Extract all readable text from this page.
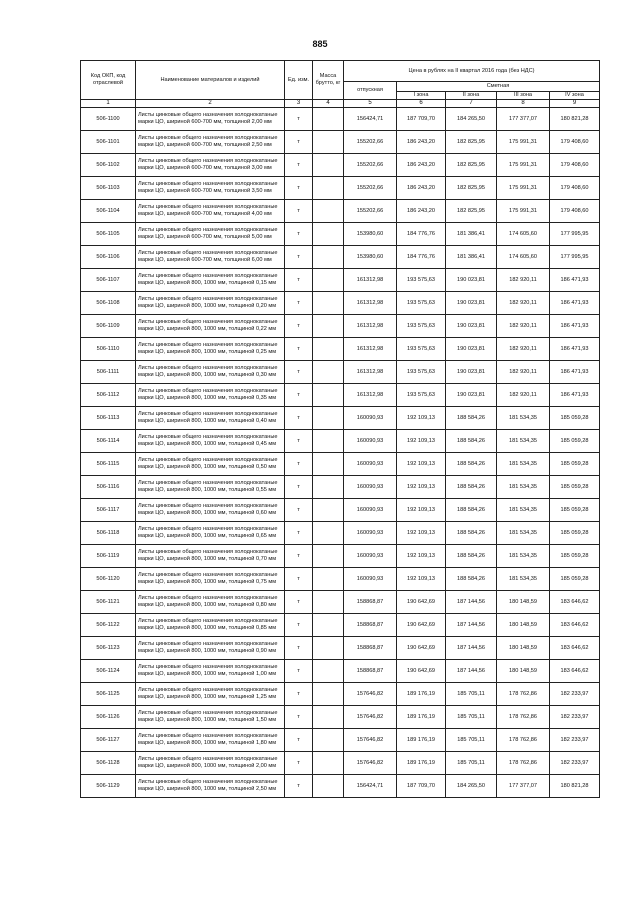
885
Код ОКП, код отраслевой	Наименование материалов и изделий	Ед. изм.	Масса брутто, кг	Цена в рублях на II квартал 2016 года (без НДС)				
				отпускная	Сметная			
					I зона	II зона	III зона	IV зона
1	2	3	4	5	6	7	8	9
506-1100	Листы цинковые общего назначения холоднокатаные марки ЦО, шириной 600-700 мм, толщиной 2,00 мм	т		156424,71	187 709,70	184 265,50	177 377,07	180 821,28
506-1101	Листы цинковые общего назначения холоднокатаные марки ЦО, шириной 600-700 мм, толщиной 2,50 мм	т		155202,66	186 243,20	182 825,95	175 991,31	179 408,60
506-1102	Листы цинковые общего назначения холоднокатаные марки ЦО, шириной 600-700 мм, толщиной 3,00 мм	т		155202,66	186 243,20	182 825,95	175 991,31	179 408,60
506-1103	Листы цинковые общего назначения холоднокатаные марки ЦО, шириной 600-700 мм, толщиной 3,50 мм	т		155202,66	186 243,20	182 825,95	175 991,31	179 408,60
506-1104	Листы цинковые общего назначения холоднокатаные марки ЦО, шириной 600-700 мм, толщиной 4,00 мм	т		155202,66	186 243,20	182 825,95	175 991,31	179 408,60
506-1105	Листы цинковые общего назначения холоднокатаные марки ЦО, шириной 600-700 мм, толщиной 5,00 мм	т		153980,60	184 776,76	181 386,41	174 605,60	177 995,95
506-1106	Листы цинковые общего назначения холоднокатаные марки ЦО, шириной 600-700 мм, толщиной 6,00 мм	т		153980,60	184 776,76	181 386,41	174 605,60	177 995,95
506-1107	Листы цинковые общего назначения холоднокатаные марки ЦО, шириной 800, 1000 мм, толщиной 0,15 мм	т		161312,98	193 575,63	190 023,81	182 920,11	186 471,93
506-1108	Листы цинковые общего назначения холоднокатаные марки ЦО, шириной 800, 1000 мм, толщиной 0,20 мм	т		161312,98	193 575,63	190 023,81	182 920,11	186 471,93
506-1109	Листы цинковые общего назначения холоднокатаные марки ЦО, шириной 800, 1000 мм, толщиной 0,22 мм	т		161312,98	193 575,63	190 023,81	182 920,11	186 471,93
506-1110	Листы цинковые общего назначения холоднокатаные марки ЦО, шириной 800, 1000 мм, толщиной 0,25 мм	т		161312,98	193 575,63	190 023,81	182 920,11	186 471,93
506-1111	Листы цинковые общего назначения холоднокатаные марки ЦО, шириной 800, 1000 мм, толщиной 0,30 мм	т		161312,98	193 575,63	190 023,81	182 920,11	186 471,93
506-1112	Листы цинковые общего назначения холоднокатаные марки ЦО, шириной 800, 1000 мм, толщиной 0,35 мм	т		161312,98	193 575,63	190 023,81	182 920,11	186 471,93
506-1113	Листы цинковые общего назначения холоднокатаные марки ЦО, шириной 800, 1000 мм, толщиной 0,40 мм	т		160090,93	192 109,13	188 584,26	181 534,35	185 059,28
506-1114	Листы цинковые общего назначения холоднокатаные марки ЦО, шириной 800, 1000 мм, толщиной 0,45 мм	т		160090,93	192 109,13	188 584,26	181 534,35	185 059,28
506-1115	Листы цинковые общего назначения холоднокатаные марки ЦО, шириной 800, 1000 мм, толщиной 0,50 мм	т		160090,93	192 109,13	188 584,26	181 534,35	185 059,28
506-1116	Листы цинковые общего назначения холоднокатаные марки ЦО, шириной 800, 1000 мм, толщиной 0,55 мм	т		160090,93	192 109,13	188 584,26	181 534,35	185 059,28
506-1117	Листы цинковые общего назначения холоднокатаные марки ЦО, шириной 800, 1000 мм, толщиной 0,60 мм	т		160090,93	192 109,13	188 584,26	181 534,35	185 059,28
506-1118	Листы цинковые общего назначения холоднокатаные марки ЦО, шириной 800, 1000 мм, толщиной 0,65 мм	т		160090,93	192 109,13	188 584,26	181 534,35	185 059,28
506-1119	Листы цинковые общего назначения холоднокатаные марки ЦО, шириной 800, 1000 мм, толщиной 0,70 мм	т		160090,93	192 109,13	188 584,26	181 534,35	185 059,28
506-1120	Листы цинковые общего назначения холоднокатаные марки ЦО, шириной 800, 1000 мм, толщиной 0,75 мм	т		160090,93	192 109,13	188 584,26	181 534,35	185 059,28
506-1121	Листы цинковые общего назначения холоднокатаные марки ЦО, шириной 800, 1000 мм, толщиной 0,80 мм	т		158868,87	190 642,69	187 144,56	180 148,59	183 646,62
506-1122	Листы цинковые общего назначения холоднокатаные марки ЦО, шириной 800, 1000 мм, толщиной 0,85 мм	т		158868,87	190 642,69	187 144,56	180 148,59	183 646,62
506-1123	Листы цинковые общего назначения холоднокатаные марки ЦО, шириной 800, 1000 мм, толщиной 0,90 мм	т		158868,87	190 642,69	187 144,56	180 148,59	183 646,62
506-1124	Листы цинковые общего назначения холоднокатаные марки ЦО, шириной 800, 1000 мм, толщиной 1,00 мм	т		158868,87	190 642,69	187 144,56	180 148,59	183 646,62
506-1125	Листы цинковые общего назначения холоднокатаные марки ЦО, шириной 800, 1000 мм, толщиной 1,25 мм	т		157646,82	189 176,19	185 705,11	178 762,86	182 233,97
506-1126	Листы цинковые общего назначения холоднокатаные марки ЦО, шириной 800, 1000 мм, толщиной 1,50 мм	т		157646,82	189 176,19	185 705,11	178 762,86	182 233,97
506-1127	Листы цинковые общего назначения холоднокатаные марки ЦО, шириной 800, 1000 мм, толщиной 1,80 мм	т		157646,82	189 176,19	185 705,11	178 762,86	182 233,97
506-1128	Листы цинковые общего назначения холоднокатаные марки ЦО, шириной 800, 1000 мм, толщиной 2,00 мм	т		157646,82	189 176,19	185 705,11	178 762,86	182 233,97
506-1129	Листы цинковые общего назначения холоднокатаные марки ЦО, шириной 800, 1000 мм, толщиной 2,50 мм	т		156424,71	187 709,70	184 265,50	177 377,07	180 821,28
